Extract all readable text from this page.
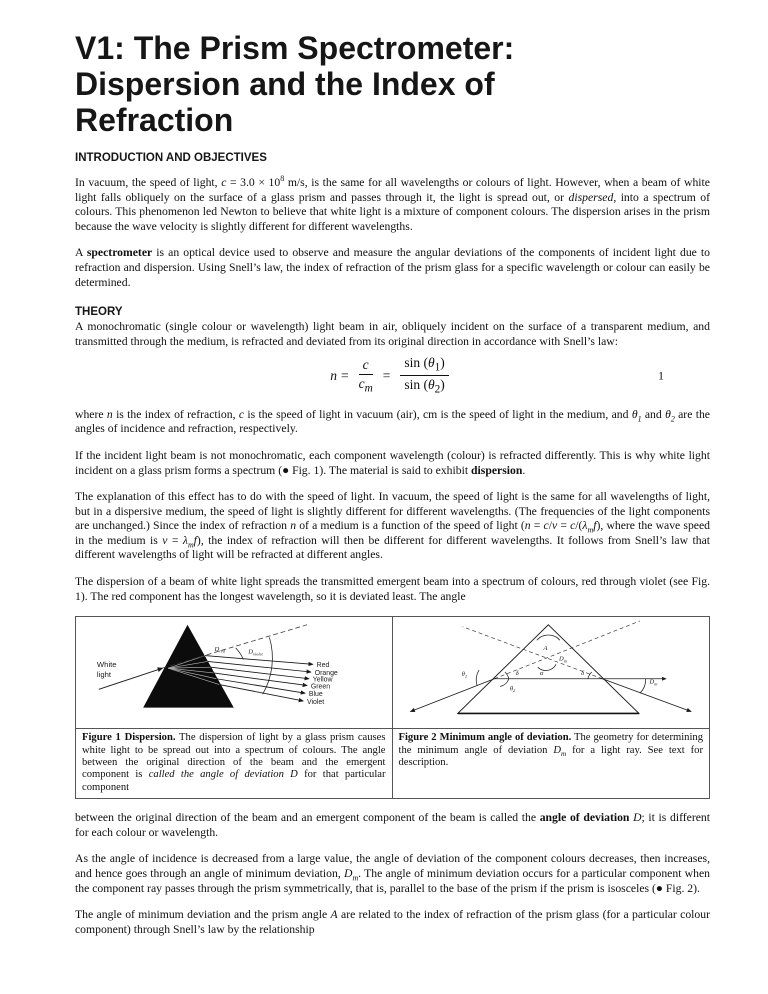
V1: The Prism Spectrometer:
Dispersion and the Index of
Refraction
INTRODUCTION AND OBJECTIVES

In vacuum, the speed of light, $c = 3.0 \times 10^8$ m/s, is the same for all wavelengths or colours of light. However, when a beam of white light falls obliquely on the surface of a glass prism and passes through it, the light is spread out, or dispersed, into a spectrum of colours. This phenomenon led Newton to believe that white light is a mixture of component colours. The dispersion arises in the prism because the wave velocity is slightly different for different wavelengths.

A spectrometer is an optical device used to observe and measure the angular deviations of the components of incident light due to refraction and dispersion. Using Snell’s law, the index of refraction of the prism glass for a specific wavelength or colour can easily be determined.

THEORY

A monochromatic (single colour or wavelength) light beam in air, obliquely incident on the surface of a transparent medium, and transmitted through the medium, is refracted and deviated from its original direction in accordance with Snell’s law:

$n = \frac{c}{c_m} = \frac{\sin (\theta_1)}{\sin (\theta_2)}$	1

where n is the index of refraction, c is the speed of light in vacuum (air), cm is the speed of light in the medium, and $\theta_1$ and $\theta_2$ are the angles of incidence and refraction, respectively.

If the incident light beam is not monochromatic, each component wavelength (colour) is refracted differently. This is why white light incident on a glass prism forms a spectrum (● Fig. 1). The material is said to exhibit dispersion.

The explanation of this effect has to do with the speed of light. In vacuum, the speed of light is the same for all wavelengths of light, but in a dispersive medium, the speed of light is slightly different for different wavelengths. (The frequencies of the light components are unchanged.) Since the index of refraction n of a medium is a function of the speed of light ($n = c/v = c/(\lambda_mf)$, where the wave speed in the medium is $v = \lambda_mf$), the index of refraction will then be different for different wavelengths. It follows from Snell’s law that different wavelengths of light will be refracted at different angles.

The dispersion of a beam of white light spreads the transmitted emergent beam into a spectrum of colours, red through violet (see Fig. 1). The red component has the longest wavelength, so it is deviated least. The angle

White
light
$D_{red}$	$D_{violet}$
Red
Orange
Yellow
Green
Blue
Violet
A
$D_m$
α
δ	δ
$\theta_1$
$\theta_2$
$D_m$
Figure 1 Dispersion. The dispersion of light by a glass prism causes white light to be spread out into a spectrum of colours. The angle between the original direction of the beam and the emergent component is called the angle of deviation D for that particular component
Figure 2 Minimum angle of deviation. The geometry for determining the minimum angle of deviation $D_m$ for a light ray. See text for description.

between the original direction of the beam and an emergent component of the beam is called the angle of deviation D; it is different for each colour or wavelength.

As the angle of incidence is decreased from a large value, the angle of deviation of the component colours decreases, then increases, and hence goes through an angle of minimum deviation, $D_m$. The angle of minimum deviation occurs for a particular component when the component ray passes through the prism symmetrically, that is, parallel to the base of the prism if the prism is isosceles (● Fig. 2).

The angle of minimum deviation and the prism angle A are related to the index of refraction of the prism glass (for a particular colour component) through Snell’s law by the relationship
